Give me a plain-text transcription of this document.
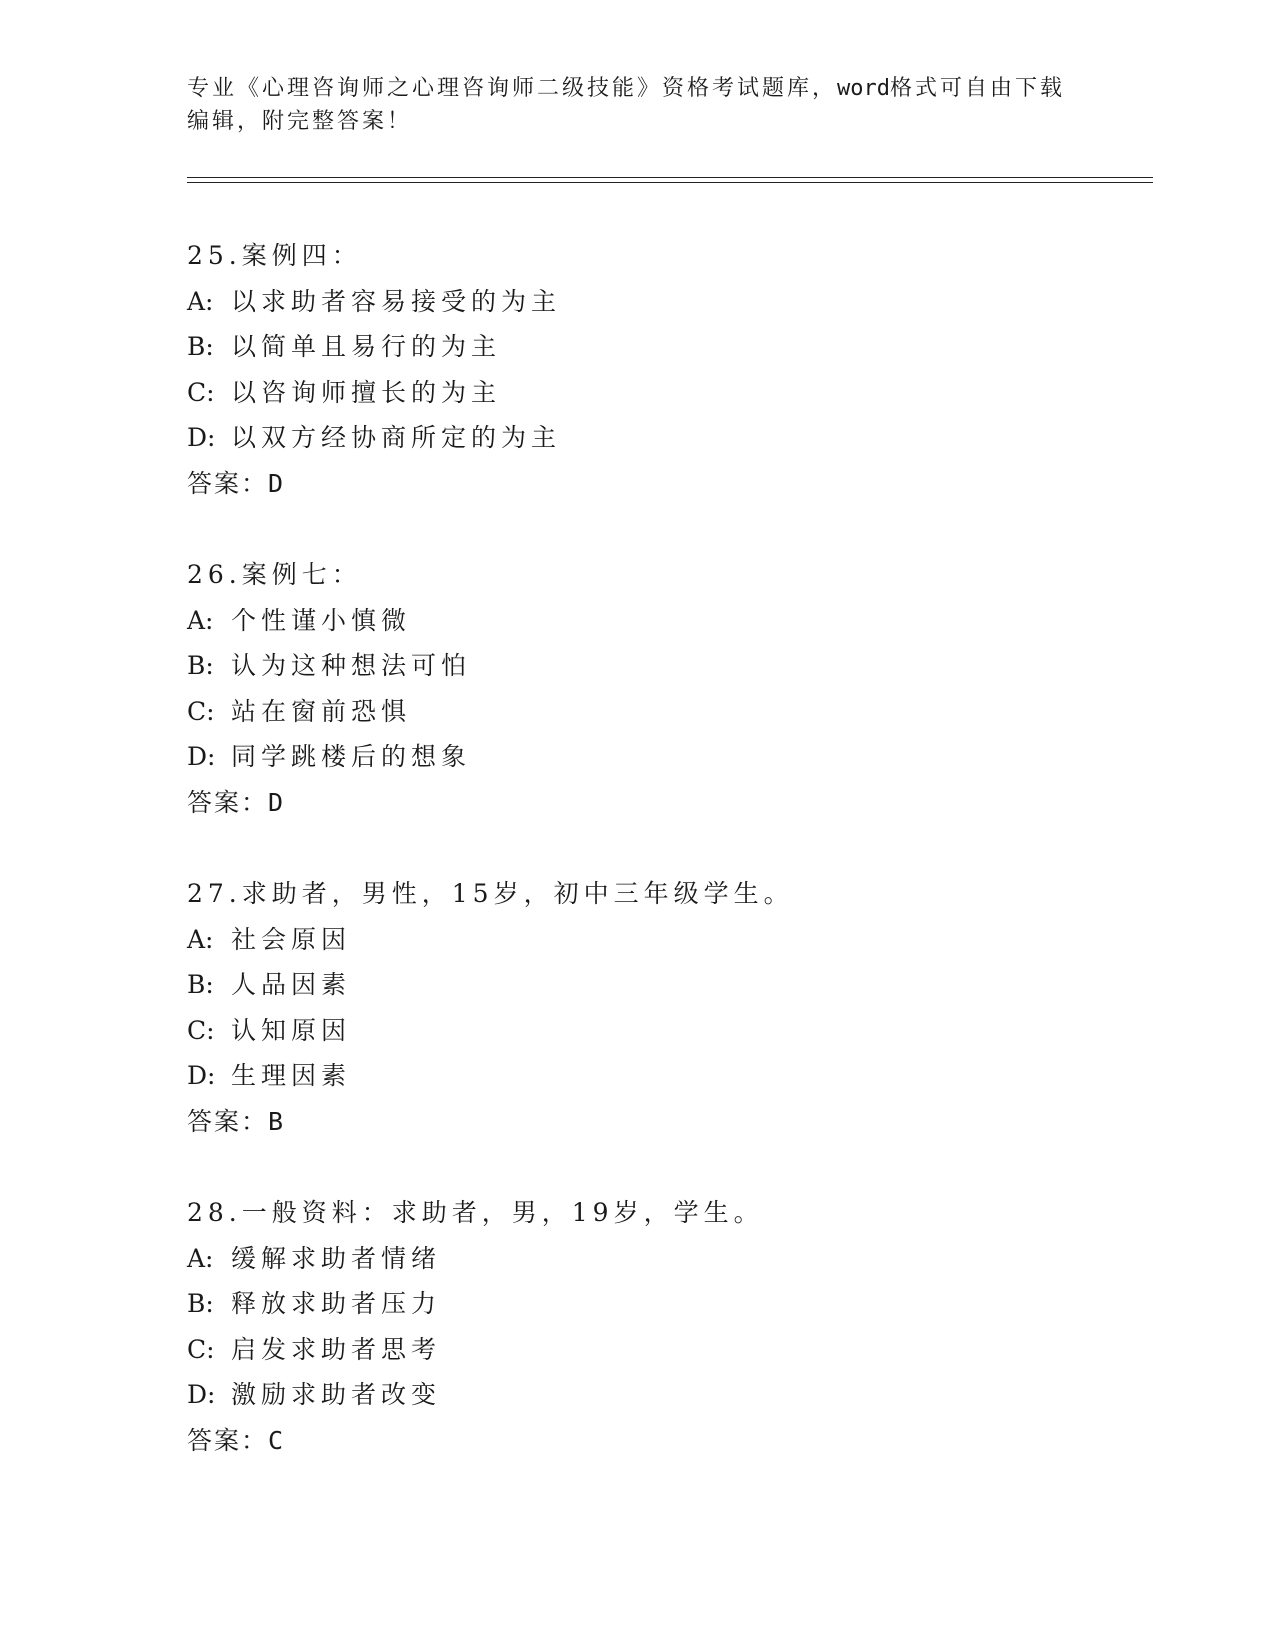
专业《心理咨询师之心理咨询师二级技能》资格考试题库，word格式可自由下载
编辑，附完整答案！
25.案例四：
A: 以求助者容易接受的为主
B: 以简单且易行的为主
C: 以咨询师擅长的为主
D: 以双方经协商所定的为主
答案：D
26.案例七：
A: 个性谨小慎微
B: 认为这种想法可怕
C: 站在窗前恐惧
D: 同学跳楼后的想象
答案：D
27.求助者，男性，15岁，初中三年级学生。
A: 社会原因
B: 人品因素
C: 认知原因
D: 生理因素
答案：B
28.一般资料：求助者，男，19岁，学生。
A: 缓解求助者情绪
B: 释放求助者压力
C: 启发求助者思考
D: 激励求助者改变
答案：C
